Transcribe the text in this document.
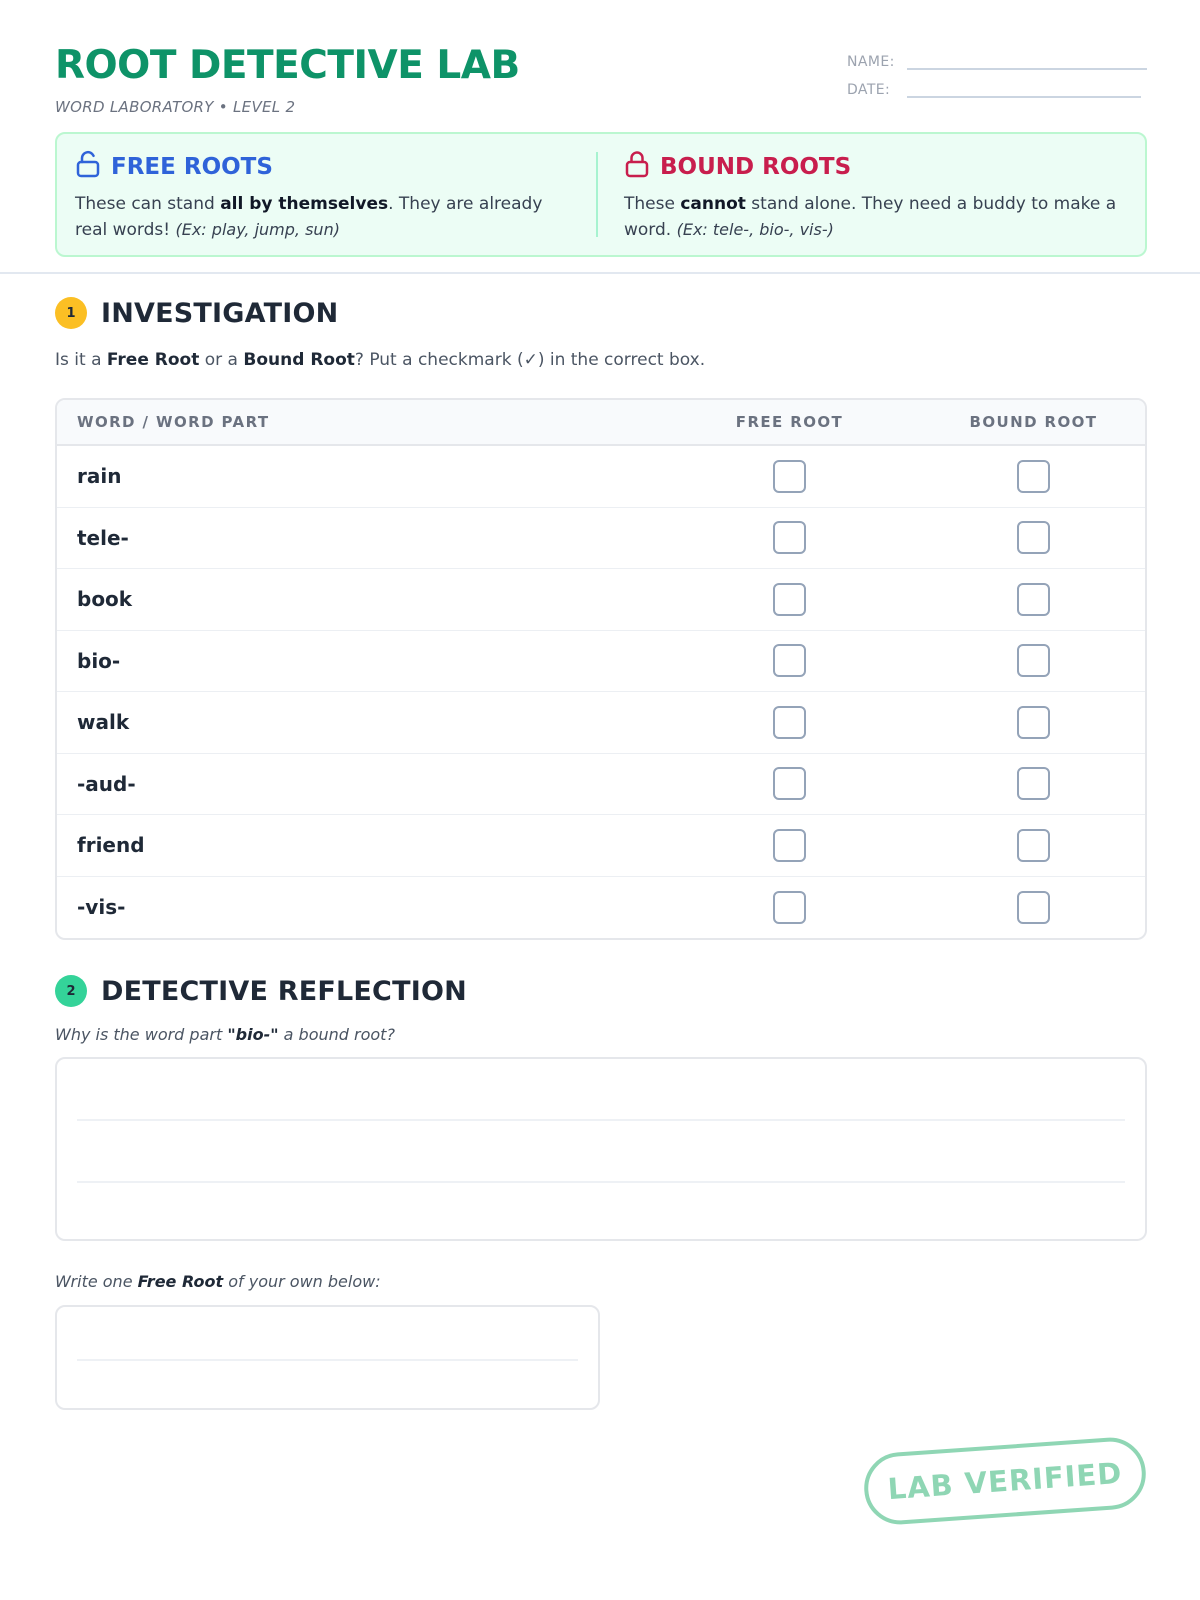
ROOT DETECTIVE LAB
WORD LABORATORY • LEVEL 2
NAME:
DATE:
FREE ROOTS
These can stand all by themselves. They are already real words! (Ex: play, jump, sun)
BOUND ROOTS
These cannot stand alone. They need a buddy to make a word. (Ex: tele-, bio-, vis-)
1 INVESTIGATION
Is it a Free Root or a Bound Root? Put a checkmark (✓) in the correct box.
WORD / WORD PART	FREE ROOT	BOUND ROOT
rain
tele-
book
bio-
walk
-aud-
friend
-vis-
2 DETECTIVE REFLECTION
Why is the word part "bio-" a bound root?
Write one Free Root of your own below:
LAB VERIFIED
